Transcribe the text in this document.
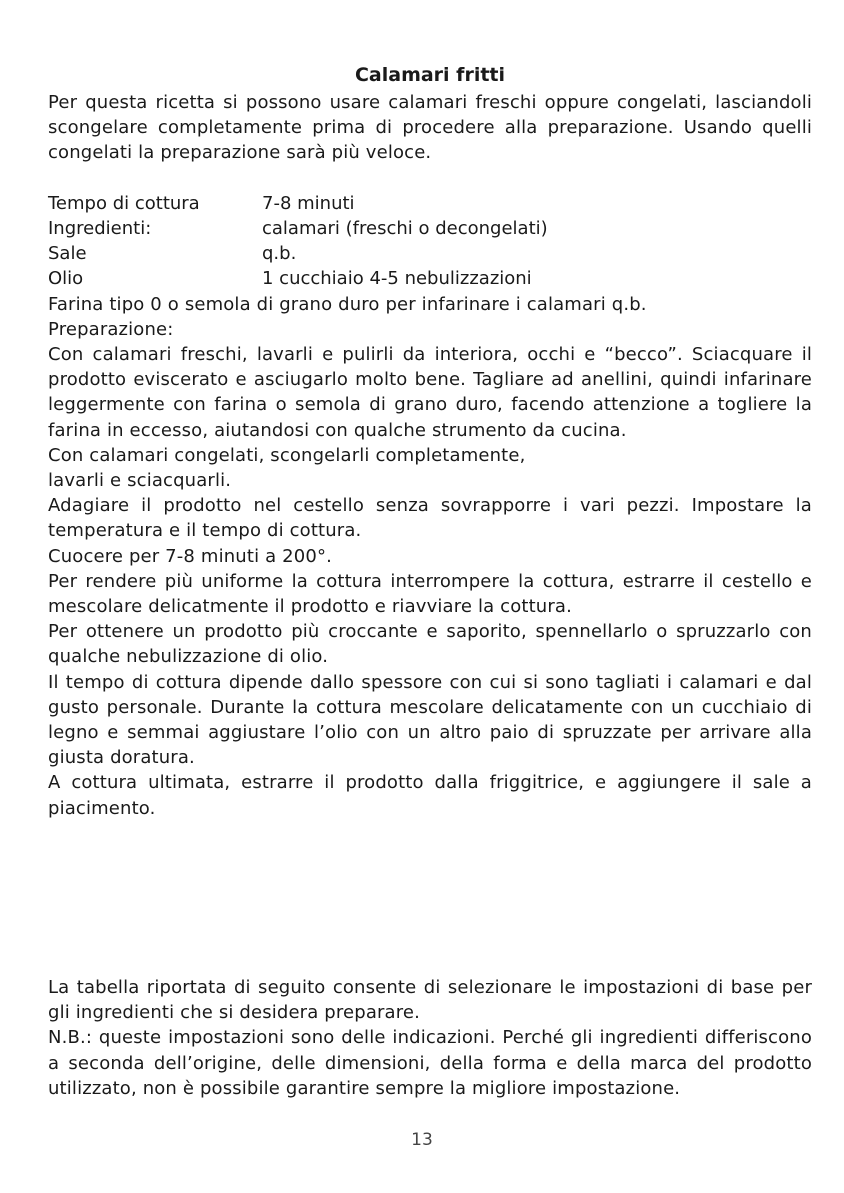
Calamari fritti

Per questa ricetta si possono usare calamari freschi oppure congelati, lasciandoli scongelare completamente prima di procedere alla preparazione. Usando quelli congelati la preparazione sarà più veloce.

Tempo di cottura	7-8 minuti
Ingredienti:	calamari (freschi o decongelati)
Sale	q.b.
Olio	1 cucchiaio 4-5 nebulizzazioni

Farina tipo 0 o semola di grano duro per infarinare i calamari q.b.

Preparazione:

Con calamari freschi, lavarli e pulirli da interiora, occhi e “becco”. Sciacquare il prodotto eviscerato e asciugarlo molto bene. Tagliare ad anellini, quindi infarinare leggermente con farina o semola di grano duro, facendo attenzione a togliere la farina in eccesso, aiutandosi con qualche strumento da cucina.

Con calamari congelati, scongelarli completamente,

lavarli e sciacquarli.

Adagiare il prodotto nel cestello senza sovrapporre i vari pezzi. Impostare la temperatura e il tempo di cottura.

Cuocere per 7-8 minuti a 200°.

Per rendere più uniforme la cottura interrompere la cottura, estrarre il cestello e mescolare delicatmente il prodotto e riavviare la cottura.

Per ottenere un prodotto più croccante e saporito, spennellarlo o spruzzarlo con qualche nebulizzazione di olio.

Il tempo di cottura dipende dallo spessore con cui si sono tagliati i calamari e dal gusto personale. Durante la cottura mescolare delicatamente con un cucchiaio di legno e semmai aggiustare l’olio con un altro paio di spruzzate per arrivare alla giusta doratura.

A cottura ultimata, estrarre il prodotto dalla friggitrice, e aggiungere il sale a piacimento.

La tabella riportata di seguito consente di selezionare le impostazioni di base per gli ingredienti che si desidera preparare.

N.B.: queste impostazioni sono delle indicazioni. Perché gli ingredienti differiscono a seconda dell’origine, delle dimensioni, della forma e della marca del prodotto utilizzato, non è possibile garantire sempre la migliore impostazione.

13
